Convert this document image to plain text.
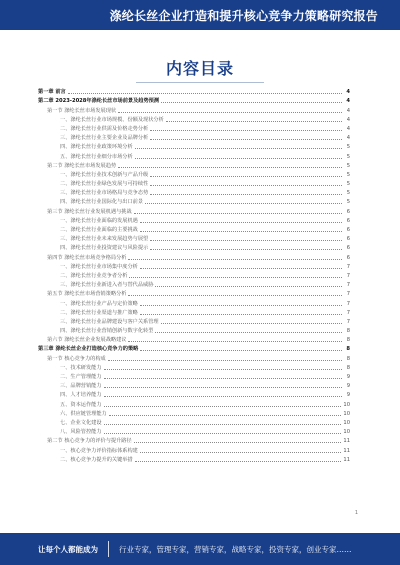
涤纶长丝企业打造和提升核心竞争力策略研究报告
内容目录
第一章 前言	4
第二章 2023-2028年涤纶长丝市场前景及趋势预测	4
第一节 涤纶长丝市场发展现状	4
一、涤纶长丝行业市场规模、份额及现状分析	4
二、涤纶长丝行业供需及价格走势分析	4
三、涤纶长丝行业主要企业及品牌分析	4
四、涤纶长丝行业政策环境分析	5
五、涤纶长丝行业细分市场分析	5
第二节 涤纶长丝市场发展趋势	5
一、涤纶长丝行业技术创新与产品升级	5
二、涤纶长丝行业绿色发展与可持续性	5
三、涤纶长丝行业市场格局与竞争态势	5
四、涤纶长丝行业国际化与出口前景	5
第三节 涤纶长丝行业发展机遇与挑战	6
一、涤纶长丝行业面临的发展机遇	6
二、涤纶长丝行业面临的主要挑战	6
三、涤纶长丝行业未来发展趋势与展望	6
四、涤纶长丝行业投资建议与风险提示	6
第四节 涤纶长丝市场竞争格局分析	6
一、涤纶长丝行业市场集中度分析	7
二、涤纶长丝行业竞争者分析	7
三、涤纶长丝行业新进入者与替代品威胁	7
第五节 涤纶长丝市场营销策略分析	7
一、涤纶长丝行业产品与定价策略	7
二、涤纶长丝行业渠道与推广策略	7
三、涤纶长丝行业品牌建设与客户关系管理	7
四、涤纶长丝行业营销创新与数字化转型	8
第六节 涤纶长丝企业发展战略建议	8
第三章 涤纶长丝企业打造核心竞争力的策略	8
第一节 核心竞争力的构成	8
一、技术研发能力	8
二、生产管理能力	9
三、品牌营销能力	9
四、人才培养能力	9
五、资本运作能力	10
六、供应链管理能力	10
七、企业文化建设	10
八、风险管控能力	10
第二节 核心竞争力的评价与提升路径	11
一、核心竞争力评价指标体系构建	11
二、核心竞争力提升的关键举措	11
1
让每个人都能成为	行业专家，管理专家，营销专家，战略专家，投资专家，创业专家……
